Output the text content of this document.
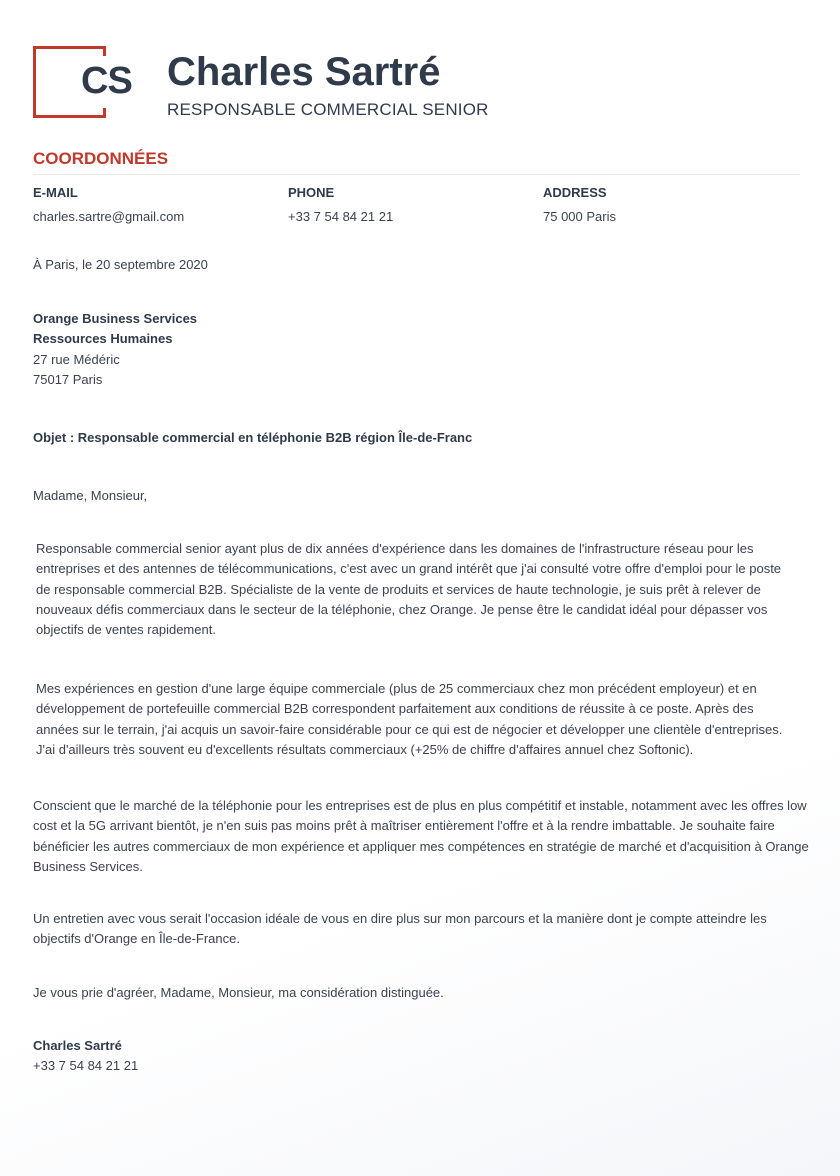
CS Charles Sartré
RESPONSABLE COMMERCIAL SENIOR
COORDONNÉES
E-MAIL
charles.sartre@gmail.com
PHONE
+33 7 54 84 21 21
ADDRESS
75 000 Paris
À Paris, le 20 septembre 2020
Orange Business Services
Ressources Humaines
27 rue Médéric
75017 Paris
Objet : Responsable commercial en téléphonie B2B région Île-de-Franc
Madame, Monsieur,

Responsable commercial senior ayant plus de dix années d'expérience dans les domaines de l'infrastructure réseau pour les entreprises et des antennes de télécommunications, c'est avec un grand intérêt que j'ai consulté votre offre d'emploi pour le poste de responsable commercial B2B. Spécialiste de la vente de produits et services de haute technologie, je suis prêt à relever de nouveaux défis commerciaux dans le secteur de la téléphonie, chez Orange. Je pense être le candidat idéal pour dépasser vos objectifs de ventes rapidement.

Mes expériences en gestion d'une large équipe commerciale (plus de 25 commerciaux chez mon précédent employeur) et en développement de portefeuille commercial B2B correspondent parfaitement aux conditions de réussite à ce poste. Après des années sur le terrain, j'ai acquis un savoir-faire considérable pour ce qui est de négocier et développer une clientèle d'entreprises. J'ai d'ailleurs très souvent eu d'excellents résultats commerciaux (+25% de chiffre d'affaires annuel chez Softonic).

Conscient que le marché de la téléphonie pour les entreprises est de plus en plus compétitif et instable, notamment avec les offres low cost et la 5G arrivant bientôt, je n'en suis pas moins prêt à maîtriser entièrement l'offre et à la rendre imbattable. Je souhaite faire bénéficier les autres commerciaux de mon expérience et appliquer mes compétences en stratégie de marché et d'acquisition à Orange Business Services.

Un entretien avec vous serait l'occasion idéale de vous en dire plus sur mon parcours et la manière dont je compte atteindre les objectifs d'Orange en Île-de-France.

Je vous prie d'agréer, Madame, Monsieur, ma considération distinguée.
Charles Sartré
+33 7 54 84 21 21
